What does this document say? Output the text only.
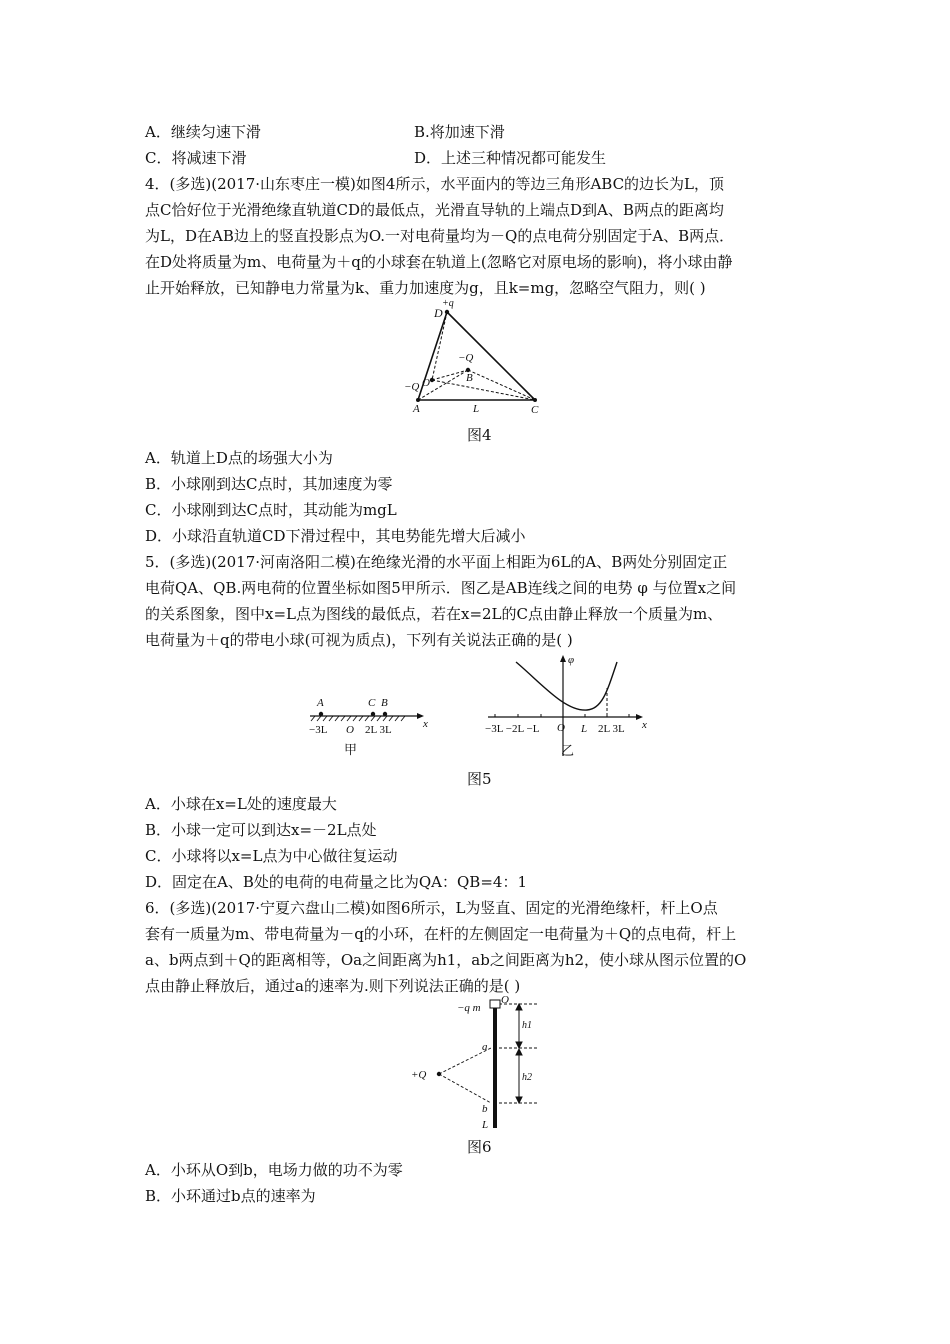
A．继续匀速下滑	B.将加速下滑
C．将减速下滑	D．上述三种情况都可能发生
4．(多选)(2017·山东枣庄一模)如图4所示，水平面内的等边三角形ABC的边长为L，顶
点C恰好位于光滑绝缘直轨道CD的最低点，光滑直导轨的上端点D到A、B两点的距离均
为L，D在AB边上的竖直投影点为O.一对电荷量均为－Q的点电荷分别固定于A、B两点．
在D处将质量为m、电荷量为＋q的小球套在轨道上(忽略它对原电场的影响)，将小球由静
止开始释放，已知静电力常量为k、重力加速度为g，且k=mg，忽略空气阻力，则( )
D
+q
−Q
B
−Q O
A	L	C
图4
A．轨道上D点的场强大小为
B．小球刚到达C点时，其加速度为零
C．小球刚到达C点时，其动能为mgL
D．小球沿直轨道CD下滑过程中，其电势能先增大后减小
5．(多选)(2017·河南洛阳二模)在绝缘光滑的水平面上相距为6L的A、B两处分别固定正
电荷QA、QB.两电荷的位置坐标如图5甲所示．图乙是AB连线之间的电势 φ 与位置x之间
的关系图象，图中x=L点为图线的最低点，若在x=2L的C点由静止释放一个质量为m、
电荷量为＋q的带电小球(可视为质点)，下列有关说法正确的是( )
A	C B
x
−3L O 2L 3L
甲
φ
x
−3L −2L −L O L 2L 3L
乙
图5
A．小球在x=L处的速度最大
B．小球一定可以到达x=－2L点处
C．小球将以x=L点为中心做往复运动
D．固定在A、B处的电荷的电荷量之比为QA：QB=4：1
6．(多选)(2017·宁夏六盘山二模)如图6所示，L为竖直、固定的光滑绝缘杆，杆上O点
套有一质量为m、带电荷量为－q的小环，在杆的左侧固定一电荷量为＋Q的点电荷，杆上
a、b两点到＋Q的距离相等，Oa之间距离为h1，ab之间距离为h2，使小球从图示位置的O
点由静止释放后，通过a的速率为.则下列说法正确的是( )
−q m
O
h1
a
h2
+Q
b
L
图6
A．小环从O到b，电场力做的功不为零
B．小环通过b点的速率为
